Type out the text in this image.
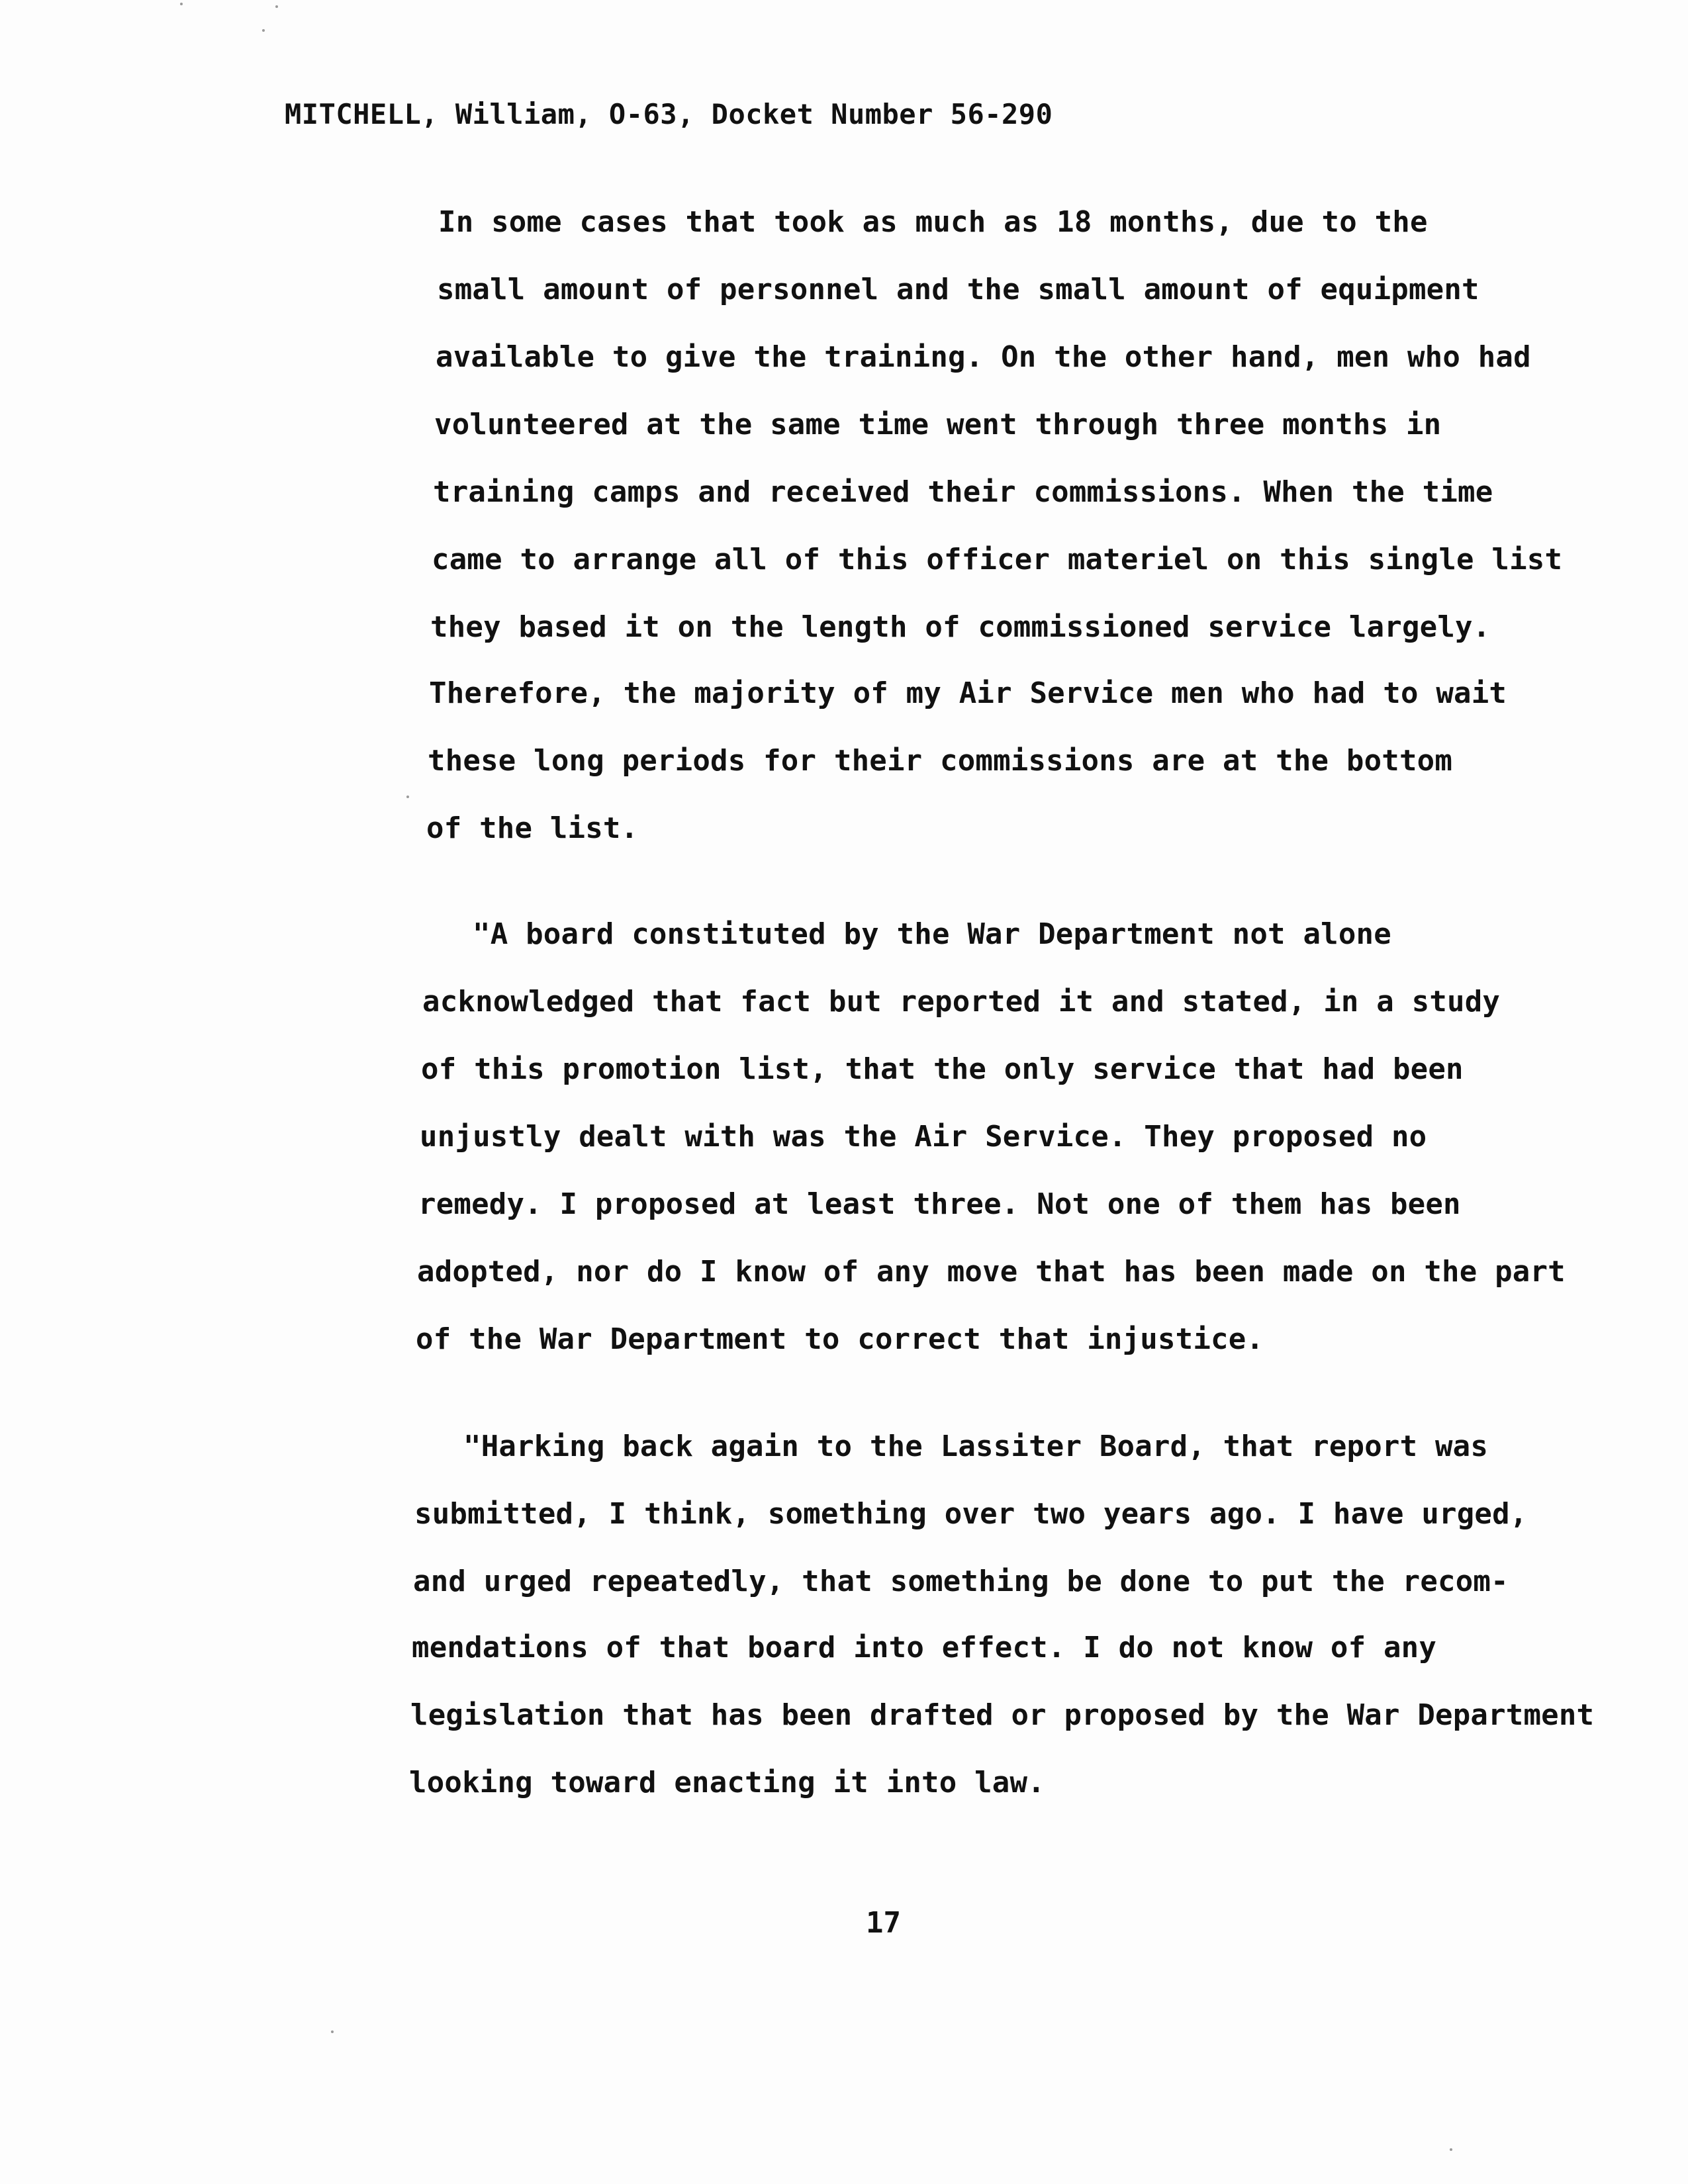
MITCHELL, William, O-63, Docket Number 56-290
In some cases that took as much as 18 months, due to the
small amount of personnel and the small amount of equipment
available to give the training. On the other hand, men who had
volunteered at the same time went through three months in
training camps and received their commissions. When the time
came to arrange all of this officer materiel on this single list
they based it on the length of commissioned service largely.
Therefore, the majority of my Air Service men who had to wait
these long periods for their commissions are at the bottom
of the list.
"A board constituted by the War Department not alone
acknowledged that fact but reported it and stated, in a study
of this promotion list, that the only service that had been
unjustly dealt with was the Air Service. They proposed no
remedy. I proposed at least three. Not one of them has been
adopted, nor do I know of any move that has been made on the part
of the War Department to correct that injustice.
"Harking back again to the Lassiter Board, that report was
submitted, I think, something over two years ago. I have urged,
and urged repeatedly, that something be done to put the recom-
mendations of that board into effect. I do not know of any
legislation that has been drafted or proposed by the War Department
looking toward enacting it into law.
17
